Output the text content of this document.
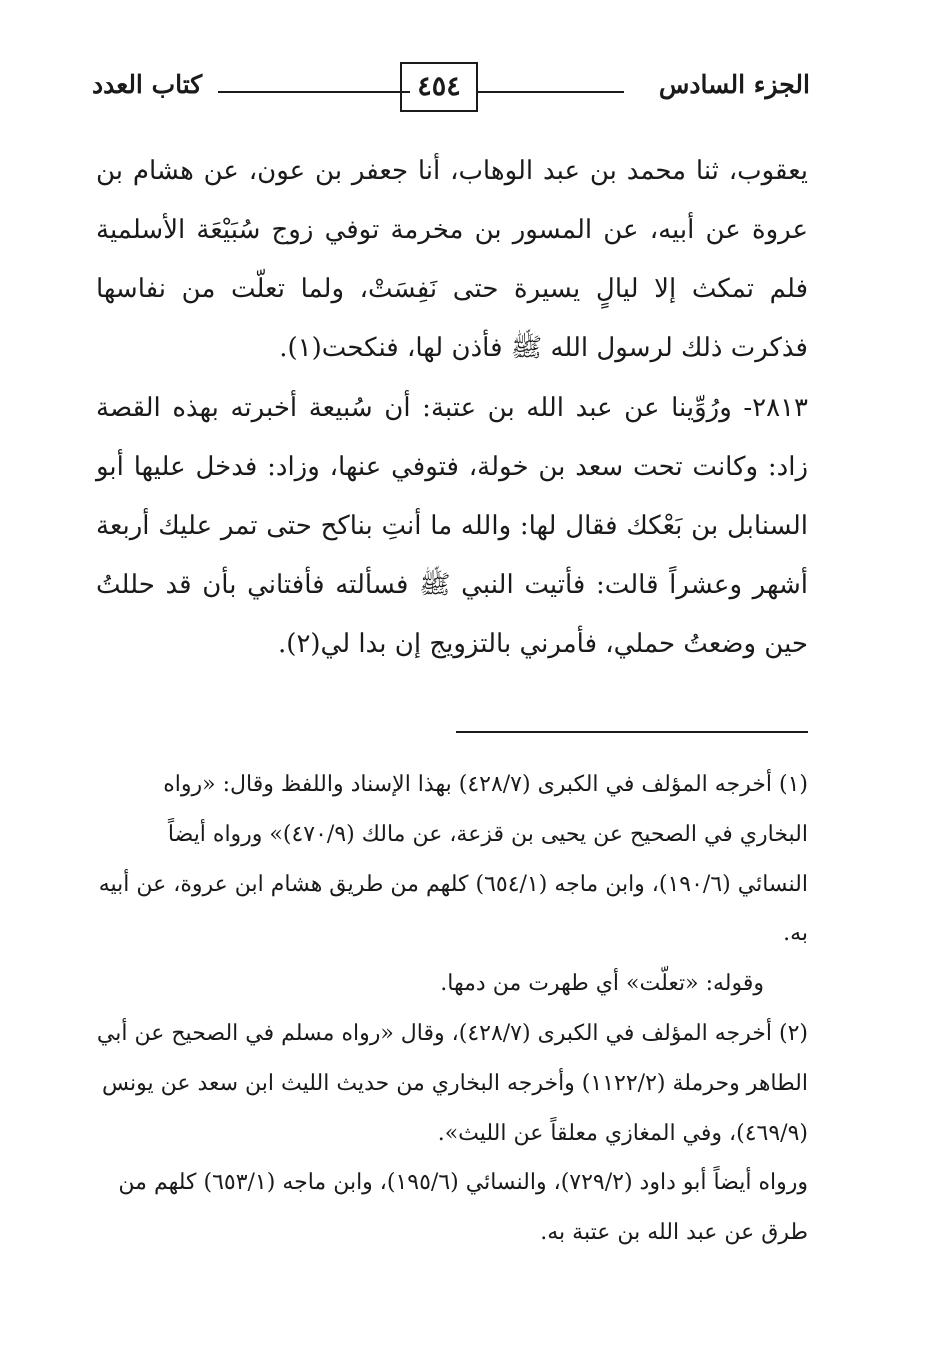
الجزء السادس
٤٥٤
كتاب العدد

يعقوب، ثنا محمد بن عبد الوهاب، أنا جعفر بن عون، عن هشام بن عروة عن أبيه، عن المسور بن مخرمة توفي زوج سُبَيْعَة الأسلمية فلم تمكث إلا ليالٍ يسيرة حتى نَفِسَتْ، ولما تعلّت من نفاسها فذكرت ذلك لرسول الله ﷺ فأذن لها، فنكحت(١).

٢٨١٣- ورُوِّينا عن عبد الله بن عتبة: أن سُبيعة أخبرته بهذه القصة زاد: وكانت تحت سعد بن خولة، فتوفي عنها، وزاد: فدخل عليها أبو السنابل بن بَعْكك فقال لها: والله ما أنتِ بناكح حتى تمر عليك أربعة أشهر وعشراً قالت: فأتيت النبي ﷺ فسألته فأفتاني بأن قد حللتُ حين وضعتُ حملي، فأمرني بالتزويج إن بدا لي(٢).

(١) أخرجه المؤلف في الكبرى (٤٢٨/٧) بهذا الإسناد واللفظ وقال: «رواه البخاري في الصحيح عن يحيى بن قزعة، عن مالك (٤٧٠/٩)» ورواه أيضاً النسائي (١٩٠/٦)، وابن ماجه (٦٥٤/١) كلهم من طريق هشام ابن عروة، عن أبيه به.

وقوله: «تعلّت» أي طهرت من دمها.

(٢) أخرجه المؤلف في الكبرى (٤٢٨/٧)، وقال «رواه مسلم في الصحيح عن أبي الطاهر وحرملة (١١٢٢/٢) وأخرجه البخاري من حديث الليث ابن سعد عن يونس (٤٦٩/٩)، وفي المغازي معلقاً عن الليث».

ورواه أيضاً أبو داود (٧٢٩/٢)، والنسائي (١٩٥/٦)، وابن ماجه (٦٥٣/١) كلهم من طرق عن عبد الله بن عتبة به.
